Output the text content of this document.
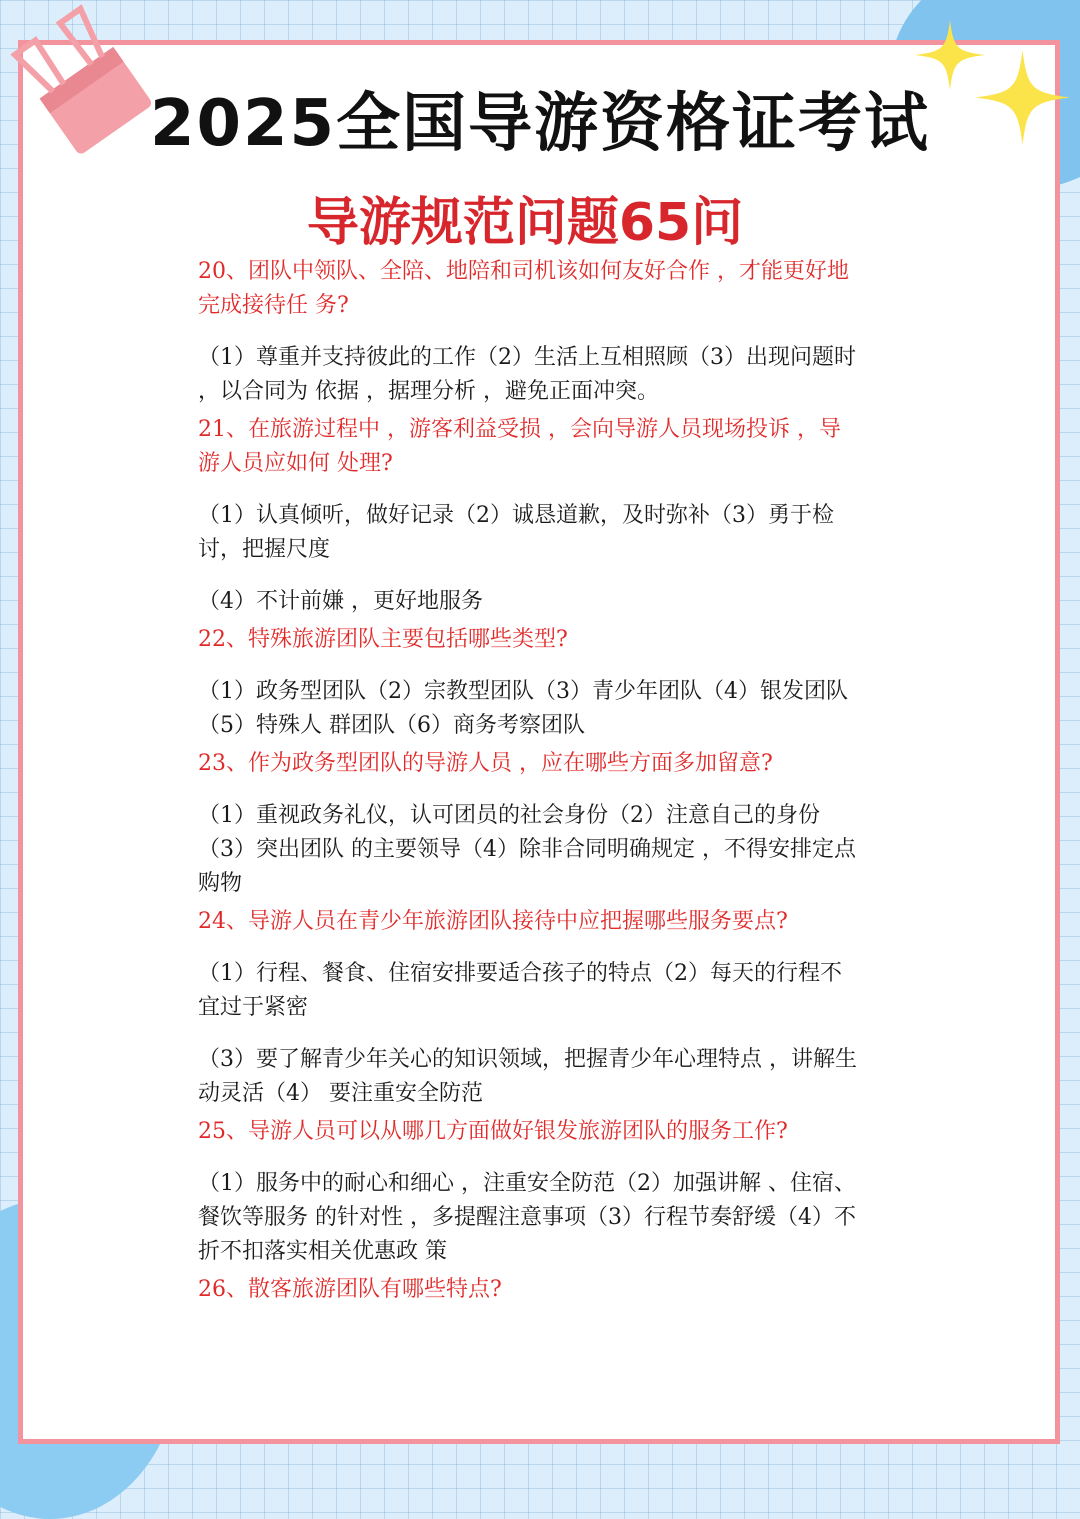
2025全国导游资格证考试
导游规范问题65问

20、团队中领队、全陪、地陪和司机该如何友好合作 ，才能更好地完成接待任 务?

（1）尊重并支持彼此的工作（2）生活上互相照顾（3）出现问题时 ，以合同为 依据 ，据理分析 ，避免正面冲突。

21、在旅游过程中 ，游客利益受损 ，会向导游人员现场投诉 ，导游人员应如何 处理?

（1）认真倾听，做好记录（2）诚恳道歉，及时弥补（3）勇于检讨，把握尺度

（4）不计前嫌 ，更好地服务

22、特殊旅游团队主要包括哪些类型?

（1）政务型团队（2）宗教型团队（3）青少年团队（4）银发团队（5）特殊人 群团队（6）商务考察团队

23、作为政务型团队的导游人员 ，应在哪些方面多加留意?

（1）重视政务礼仪，认可团员的社会身份（2）注意自己的身份（3）突出团队 的主要领导（4）除非合同明确规定 ，不得安排定点购物

24、导游人员在青少年旅游团队接待中应把握哪些服务要点?

（1）行程、餐食、住宿安排要适合孩子的特点（2）每天的行程不宜过于紧密

（3）要了解青少年关心的知识领域，把握青少年心理特点 ，讲解生动灵活（4） 要注重安全防范

25、导游人员可以从哪几方面做好银发旅游团队的服务工作?

（1）服务中的耐心和细心 ，注重安全防范（2）加强讲解 、住宿、餐饮等服务 的针对性 ，多提醒注意事项（3）行程节奏舒缓（4）不折不扣落实相关优惠政 策

26、散客旅游团队有哪些特点?
